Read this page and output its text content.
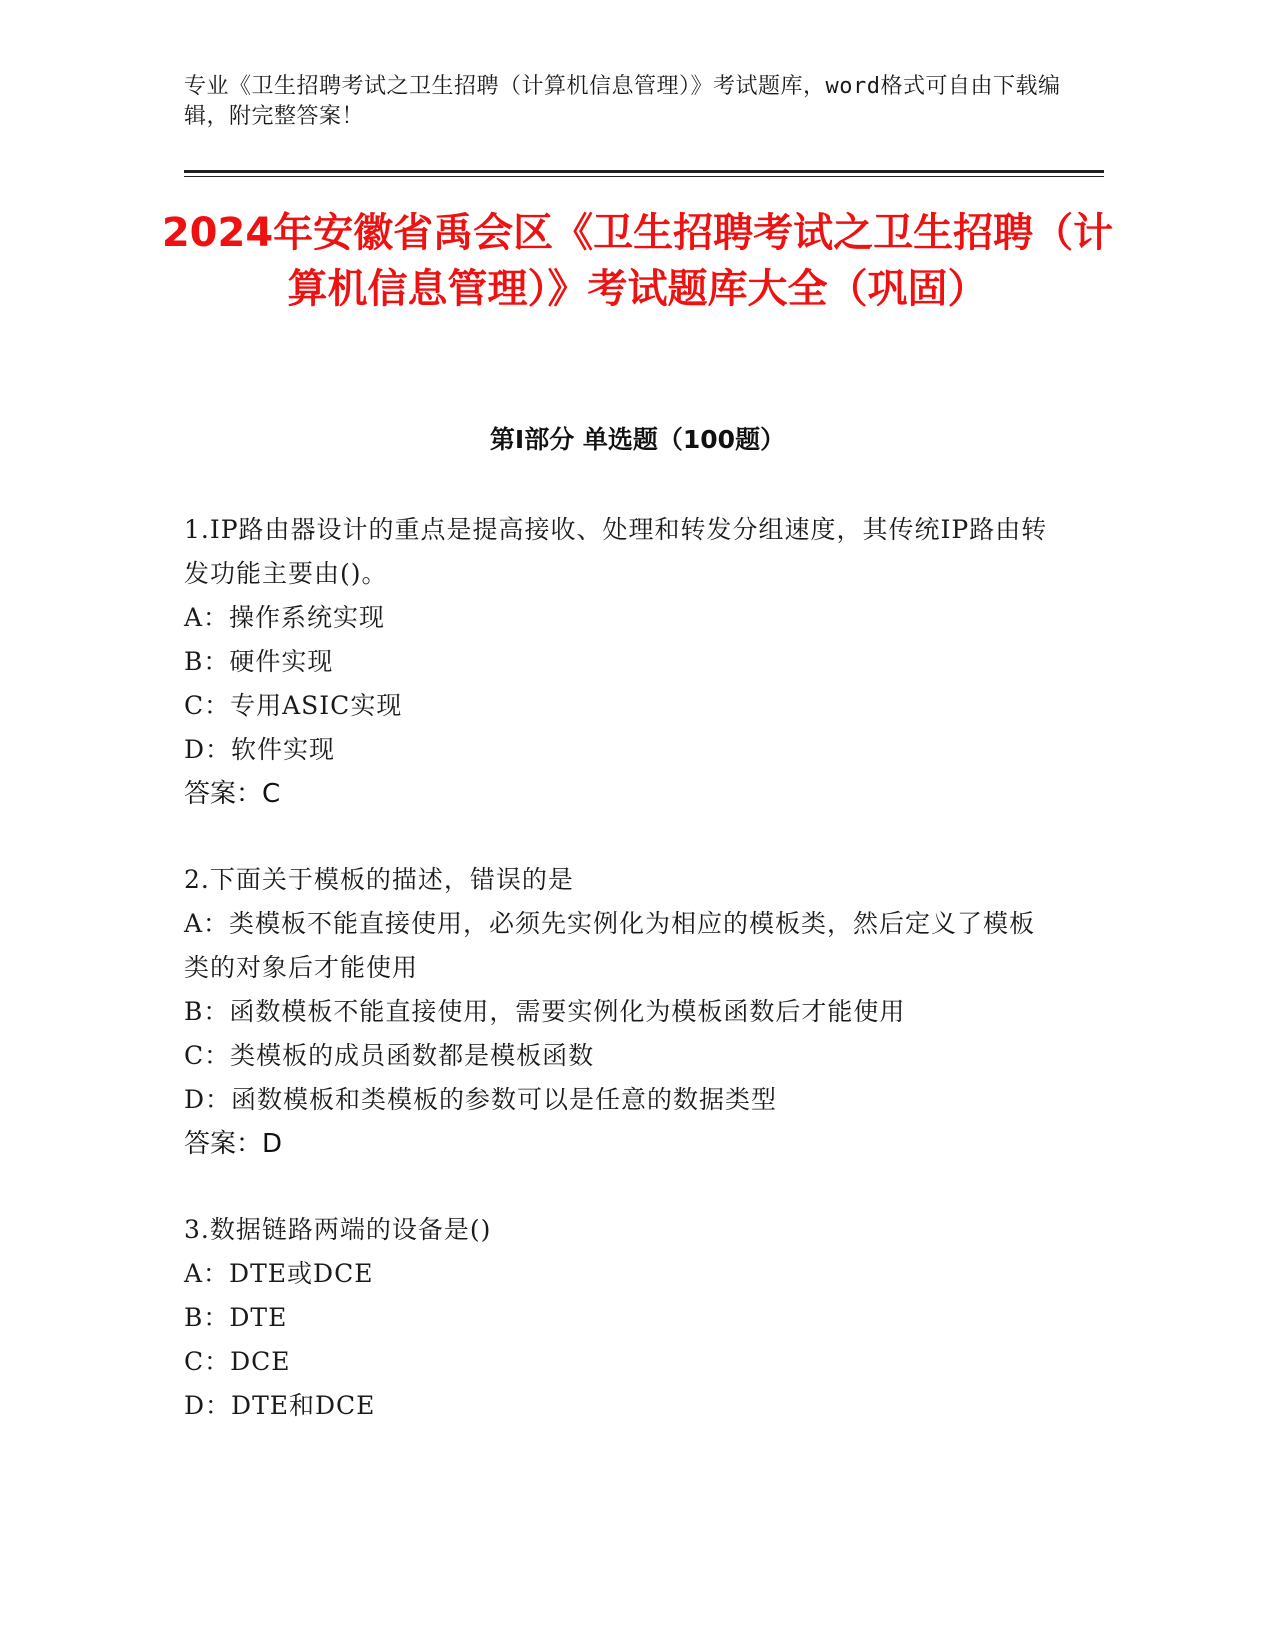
专业《卫生招聘考试之卫生招聘（计算机信息管理）》考试题库，word格式可自由下载编辑，附完整答案！
2024年安徽省禹会区《卫生招聘考试之卫生招聘（计算机信息管理）》考试题库大全（巩固）
第I部分 单选题（100题）

1.IP路由器设计的重点是提高接收、处理和转发分组速度，其传统IP路由转发功能主要由()。

A：操作系统实现

B：硬件实现

C：专用ASIC实现

D：软件实现

答案：C

2.下面关于模板的描述，错误的是

A：类模板不能直接使用，必须先实例化为相应的模板类，然后定义了模板类的对象后才能使用

B：函数模板不能直接使用，需要实例化为模板函数后才能使用

C：类模板的成员函数都是模板函数

D：函数模板和类模板的参数可以是任意的数据类型

答案：D

3.数据链路两端的设备是()

A：DTE或DCE

B：DTE

C：DCE

D：DTE和DCE
